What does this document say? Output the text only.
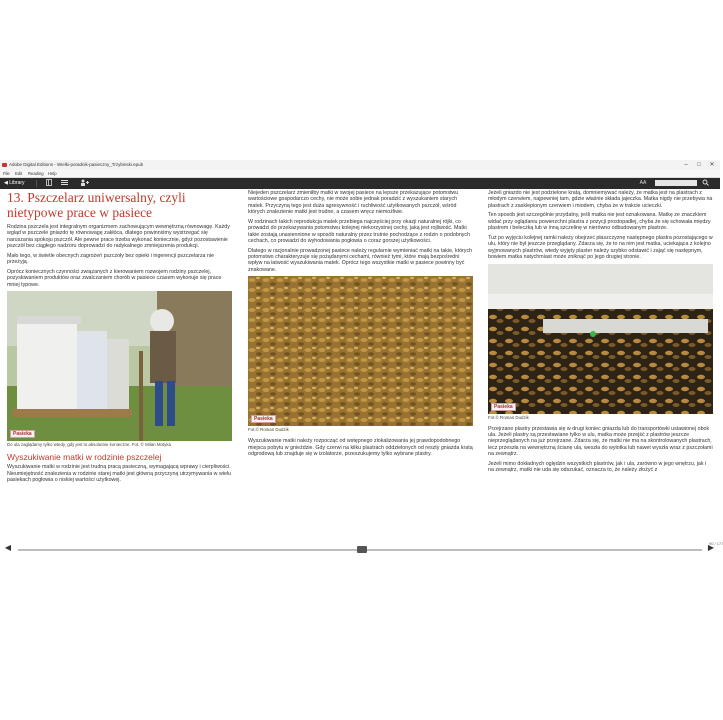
Adobe Digital Editions - Wielki-poradnik-pasieczny_Trzybinski.epub	‒	□	✕
File Edit Reading Help
◀ Library	AA
13. Pszczelarz uniwersalny, czyli nietypowe prace w pasiece

Rodzina pszczela jest integralnym organizmem zachowującym wewnętrzną równowagę. Każdy wgląd w pszczele gniazdo tę równowagę zakłóca, dlatego powinniśmy wystrzegać się naruszania spokoju pszczół. Ale pewne prace trzeba wykonać koniecznie, gdyż pozostawienie pszczół bez ciągłego nadzoru doprowadzi do radykalnego zmniejszenia produkcji.

Mało tego, w świetle obecnych zagrożeń pszczoły bez opieki i ingerencji pszczelarza nie przeżyją.

Oprócz koniecznych czynności związanych z kierowaniem rozwojem rodziny pszczelej, pozyskiwaniem produktów oraz zwalczaniem chorób w pasiece czasem wykonuje się prace mniej typowe.

Pasieka
Do ula zaglądamy tylko wtedy, gdy jest to absolutnie konieczne. Fot. © Milan Motyka
Wyszukiwanie matki w rodzinie pszczelej

Wyszukiwanie matki w rodzinie jest trudną pracą pasieczną, wymagającą wprawy i cierpliwości. Nieumiejętność znalezienia w rodzinie starej matki jest główną przyczyną utrzymywania w wielu pasiekach pogłowia o niskiej wartości użytkowej.

Niejeden pszczelarz zmieniłby matki w swojej pasiece na lepsze przekazujące potomstwu wartościowe gospodarczo cechy, nie może sobie jednak poradzić z wyszukaniem starych matek. Przyczyną tego jest duża agresywność i ruchliwość użytkowanych pszczół, wśród których znalezienie matki jest trudne, a czasem wręcz niemożliwe.

W rodzinach takich reprodukcja matek przebiega najczęściej przy okazji naturalnej rójki, co prowadzi do przekazywania potomstwu kolejnej niekorzystnej cechy, jaką jest rojliwość. Matki takie zostają unasiennione w sposób naturalny przez trutnie pochodzące z rodzin o podobnych cechach, co prowadzi do wyhodowania pogłowia o coraz gorszej użytkowości.

Dlatego w racjonalnie prowadzonej pasiece należy regularnie wymieniać matki na takie, których potomstwo charakteryzuje się pożądanymi cechami, również tymi, które mają bezpośredni wpływ na łatwość wyszukiwania matek. Oprócz tego wszystkie matki w pasiece powinny być znakowane.

Pasieka
Fot.© Roman Dudzik

Wyszukiwanie matki należy rozpocząć od wstępnego zlokalizowania jej prawdopodobnego miejsca pobytu w gnieździe. Gdy czerwi na kilku plastrach oddzielonych od reszty gniazda kratą odgrodową lub znajduje się w izolatorze, przeszukujemy tylko wybrane plastry.

Jeżeli gniazdo nie jest podzielone kratą, domniemywać należy, że matka jest na plastrach z młodym czerwiem, najpewniej tam, gdzie właśnie składa jajeczka. Matka nigdy nie przebywa na plastrach z zasklepionym czerwiem i miodem, chyba że w trakcie ucieczki.

Ten sposób jest szczególnie przydatny, jeśli matka nie jest oznakowana. Matkę ze znaczkiem widać przy oglądaniu powierzchni plastra z pozycji prostopadłej, chyba że się schowała między plastrem i beleczką lub w inną szczelinę w nierówno odbudowanym plastrze.

Tuż po wyjęciu kolejnej ramki należy obejrzeć płaszczyznę następnego plastra pozostającego w ulu, który nie był jeszcze przeglądany. Zdarza się, że to na nim jest matka, uciekająca z kolejno wyjmowanych plastrów, wtedy wyjęty plaster należy szybko odstawić i zająć się następnym, bowiem matka natychmiast może zniknąć po jego drugiej stronie.

Pasieka
Fot.© Roman Dudzik

Przejrzane plastry przestawia się w drugi koniec gniazda lub do transportówki ustawionej obok ula. Jeżeli plastry są przestawiane tylko w ulu, matka może przejść z plastrów jeszcze nieprzeglądanych na już przejrzane. Zdarza się, że matki nie ma na skontrolowanych plastrach, lecz przeszła na wewnętrzną ścianę ula, weszła do wylotka lub nawet wyszła wraz z pszczołami na zewnątrz.

Jeżeli mimo dokładnych oględzin wszystkich plastrów, jak i ula, zarówno w jego wnętrzu, jak i na zewnątrz, matki nie uda się odszukać, oznacza to, że należy złożyć z

◀	90 / 177
▶
